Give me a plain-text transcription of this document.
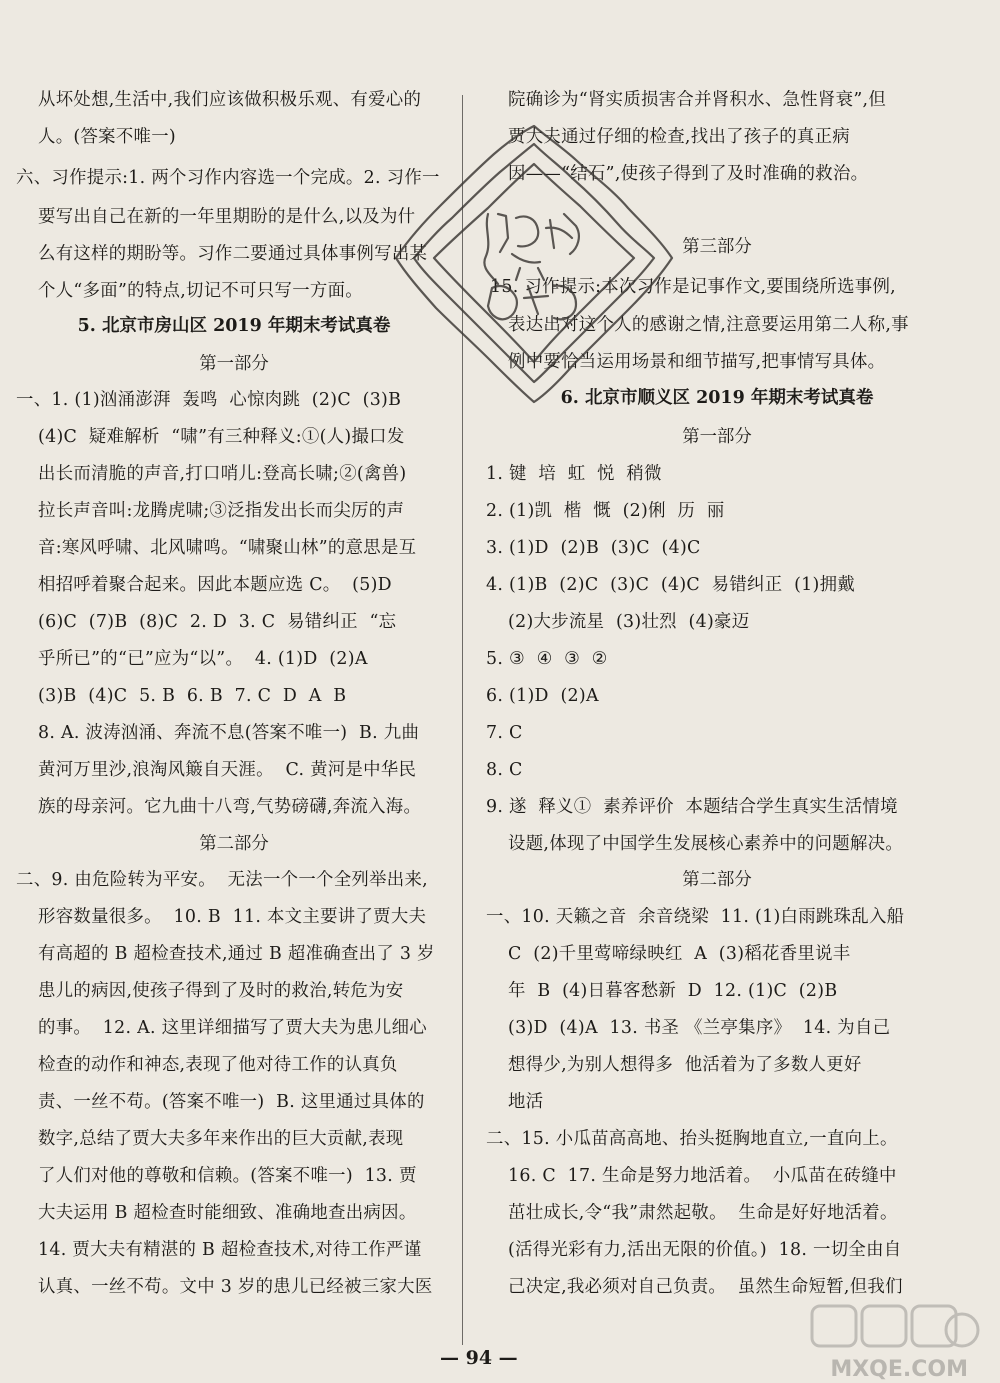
从坏处想,生活中,我们应该做积极乐观、有爱心的
人。(答案不唯一)
六、习作提示:1. 两个习作内容选一个完成。2. 习作一
要写出自己在新的一年里期盼的是什么,以及为什
么有这样的期盼等。习作二要通过具体事例写出某
个人“多面”的特点,切记不可只写一方面。
5. 北京市房山区 2019 年期末考试真卷
第一部分
一、1. (1)汹涌澎湃  轰鸣  心惊肉跳  (2)C  (3)B
(4)C  疑难解析  “啸”有三种释义:①(人)撮口发
出长而清脆的声音,打口哨儿:登高长啸;②(禽兽)
拉长声音叫:龙腾虎啸;③泛指发出长而尖厉的声
音:寒风呼啸、北风啸鸣。“啸聚山林”的意思是互
相招呼着聚合起来。因此本题应选 C。  (5)D
(6)C  (7)B  (8)C  2. D  3. C  易错纠正  “忘
乎所已”的“已”应为“以”。  4. (1)D  (2)A
(3)B  (4)C  5. B  6. B  7. C  D  A  B
8. A. 波涛汹涌、奔流不息(答案不唯一)  B. 九曲
黄河万里沙,浪淘风簸自天涯。  C. 黄河是中华民
族的母亲河。它九曲十八弯,气势磅礴,奔流入海。
第二部分
二、9. 由危险转为平安。  无法一个一个全列举出来,
形容数量很多。  10. B  11. 本文主要讲了贾大夫
有高超的 B 超检查技术,通过 B 超准确查出了 3 岁
患儿的病因,使孩子得到了及时的救治,转危为安
的事。  12. A. 这里详细描写了贾大夫为患儿细心
检查的动作和神态,表现了他对待工作的认真负
责、一丝不苟。(答案不唯一)  B. 这里通过具体的
数字,总结了贾大夫多年来作出的巨大贡献,表现
了人们对他的尊敬和信赖。(答案不唯一)  13. 贾
大夫运用 B 超检查时能细致、准确地查出病因。
14. 贾大夫有精湛的 B 超检查技术,对待工作严谨
认真、一丝不苟。文中 3 岁的患儿已经被三家大医
院确诊为“肾实质损害合并肾积水、急性肾衰”,但
贾大夫通过仔细的检查,找出了孩子的真正病
因——“结石”,使孩子得到了及时准确的救治。
第三部分
15. 习作提示:本次习作是记事作文,要围绕所选事例,
表达出对这个人的感谢之情,注意要运用第二人称,事
例中要恰当运用场景和细节描写,把事情写具体。
6. 北京市顺义区 2019 年期末考试真卷
第一部分
1. 键  培  虹  悦  稍微
2. (1)凯  楷  慨  (2)俐  历  丽
3. (1)D  (2)B  (3)C  (4)C
4. (1)B  (2)C  (3)C  (4)C  易错纠正  (1)拥戴
(2)大步流星  (3)壮烈  (4)豪迈
5. ③  ④  ③  ②
6. (1)D  (2)A
7. C
8. C
9. 遂  释义①  素养评价  本题结合学生真实生活情境
设题,体现了中国学生发展核心素养中的问题解决。
第二部分
一、10. 天籁之音  余音绕梁  11. (1)白雨跳珠乱入船
C  (2)千里莺啼绿映红  A  (3)稻花香里说丰
年  B  (4)日暮客愁新  D  12. (1)C  (2)B
(3)D  (4)A  13. 书圣 《兰亭集序》  14. 为自己
想得少,为别人想得多  他活着为了多数人更好
地活
二、15. 小瓜苗高高地、抬头挺胸地直立,一直向上。
16. C  17. 生命是努力地活着。  小瓜苗在砖缝中
茁壮成长,令“我”肃然起敬。  生命是好好地活着。
(活得光彩有力,活出无限的价值。)  18. 一切全由自
己决定,我必须对自己负责。  虽然生命短暂,但我们
— 94 —	MXQE.COM
